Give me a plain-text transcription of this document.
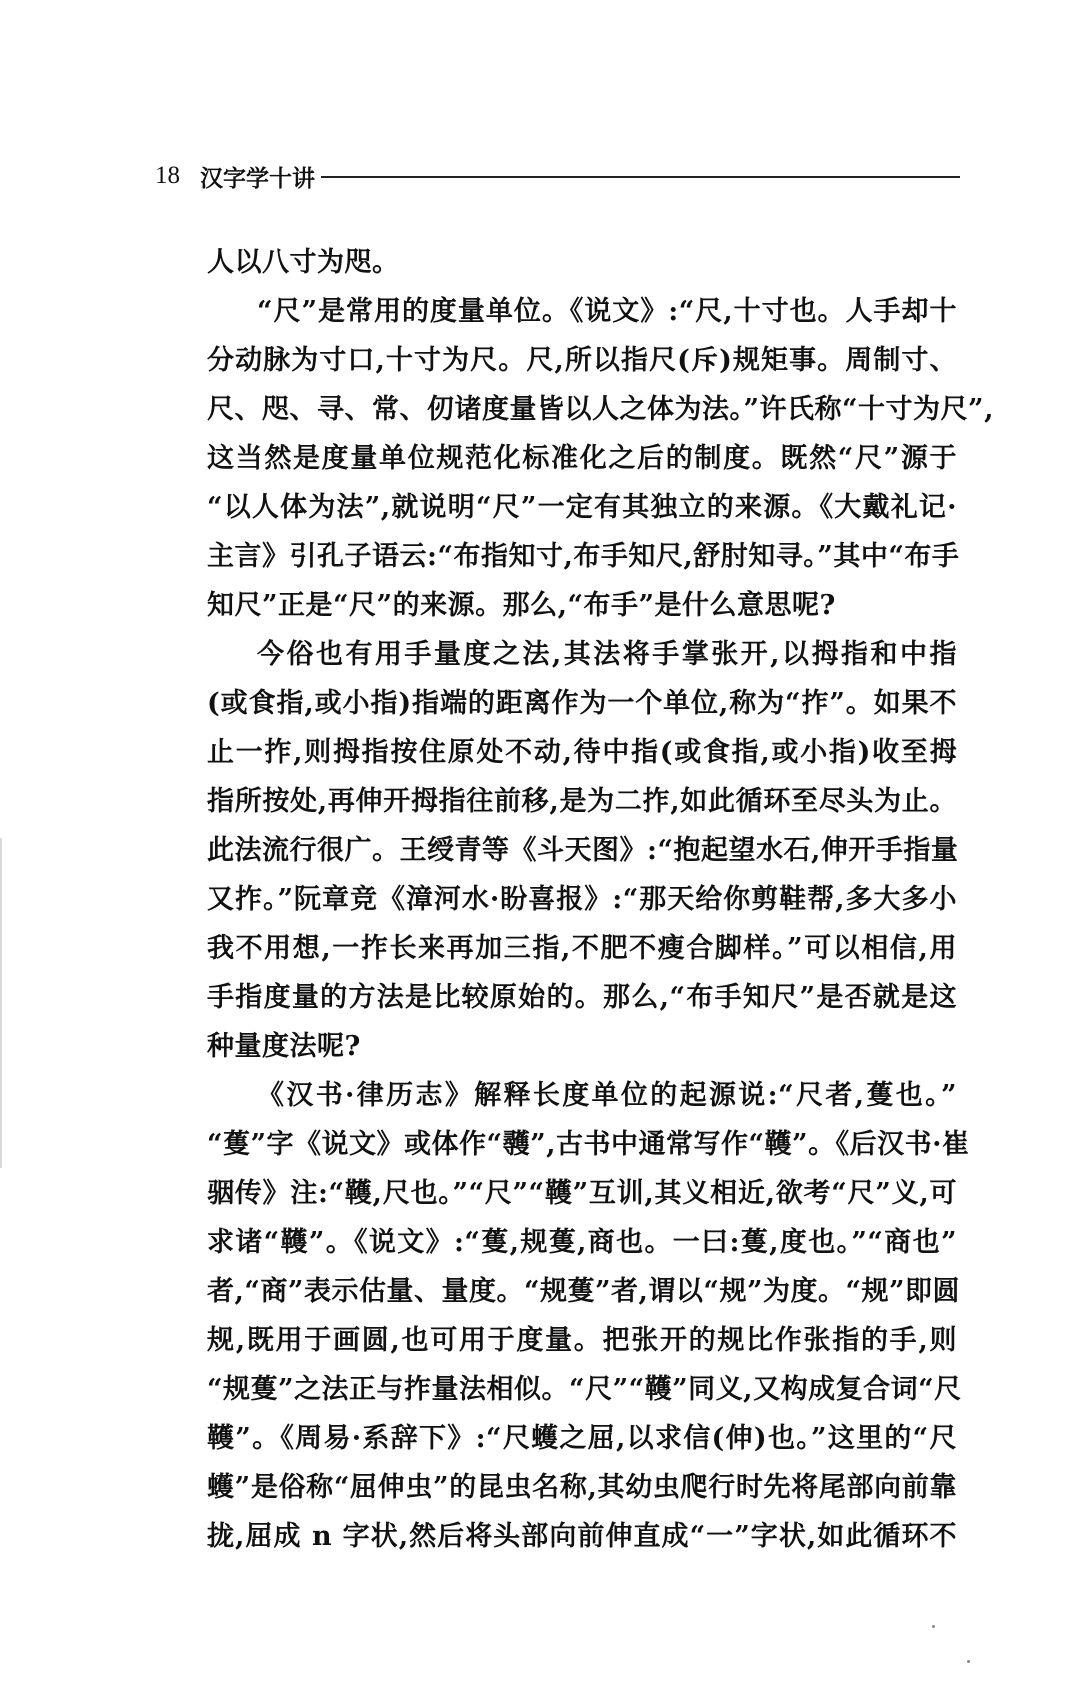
18 汉字学十讲
人以八寸为咫。
“尺”是常用的度量单位。《说文》:“尺,十寸也。人手却十
分动脉为寸口,十寸为尺。尺,所以指尺(斥)规矩事。周制寸、
尺、咫、寻、常、仞诸度量皆以人之体为法。”许氏称“十寸为尺”,
这当然是度量单位规范化标准化之后的制度。既然“尺”源于
“以人体为法”,就说明“尺”一定有其独立的来源。《大戴礼记·
主言》引孔子语云:“布指知寸,布手知尺,舒肘知寻。”其中“布手
知尺”正是“尺”的来源。那么,“布手”是什么意思呢?
今俗也有用手量度之法,其法将手掌张开,以拇指和中指
(或食指,或小指)指端的距离作为一个单位,称为“拃”。如果不
止一拃,则拇指按住原处不动,待中指(或食指,或小指)收至拇
指所按处,再伸开拇指往前移,是为二拃,如此循环至尽头为止。
此法流行很广。王绶青等《斗天图》:“抱起望水石,伸开手指量
又拃。”阮章竞《漳河水·盼喜报》:“那天给你剪鞋帮,多大多小
我不用想,一拃长来再加三指,不肥不瘦合脚样。”可以相信,用
手指度量的方法是比较原始的。那么,“布手知尺”是否就是这
种量度法呢?
《汉书·律历志》解释长度单位的起源说:“尺者,蒦也。”
“蒦”字《说文》或体作“彠”,古书中通常写作“韄”。《后汉书·崔
骃传》注:“韄,尺也。”“尺”“韄”互训,其义相近,欲考“尺”义,可
求诸“韄”。《说文》:“蒦,规蒦,商也。一曰:蒦,度也。”“商也”
者,“商”表示估量、量度。“规蒦”者,谓以“规”为度。“规”即圆
规,既用于画圆,也可用于度量。把张开的规比作张指的手,则
“规蒦”之法正与拃量法相似。“尺”“韄”同义,又构成复合词“尺
韄”。《周易·系辞下》:“尺蠖之屈,以求信(伸)也。”这里的“尺
蠖”是俗称“屈伸虫”的昆虫名称,其幼虫爬行时先将尾部向前靠
拢,屈成 n 字状,然后将头部向前伸直成“一”字状,如此循环不
